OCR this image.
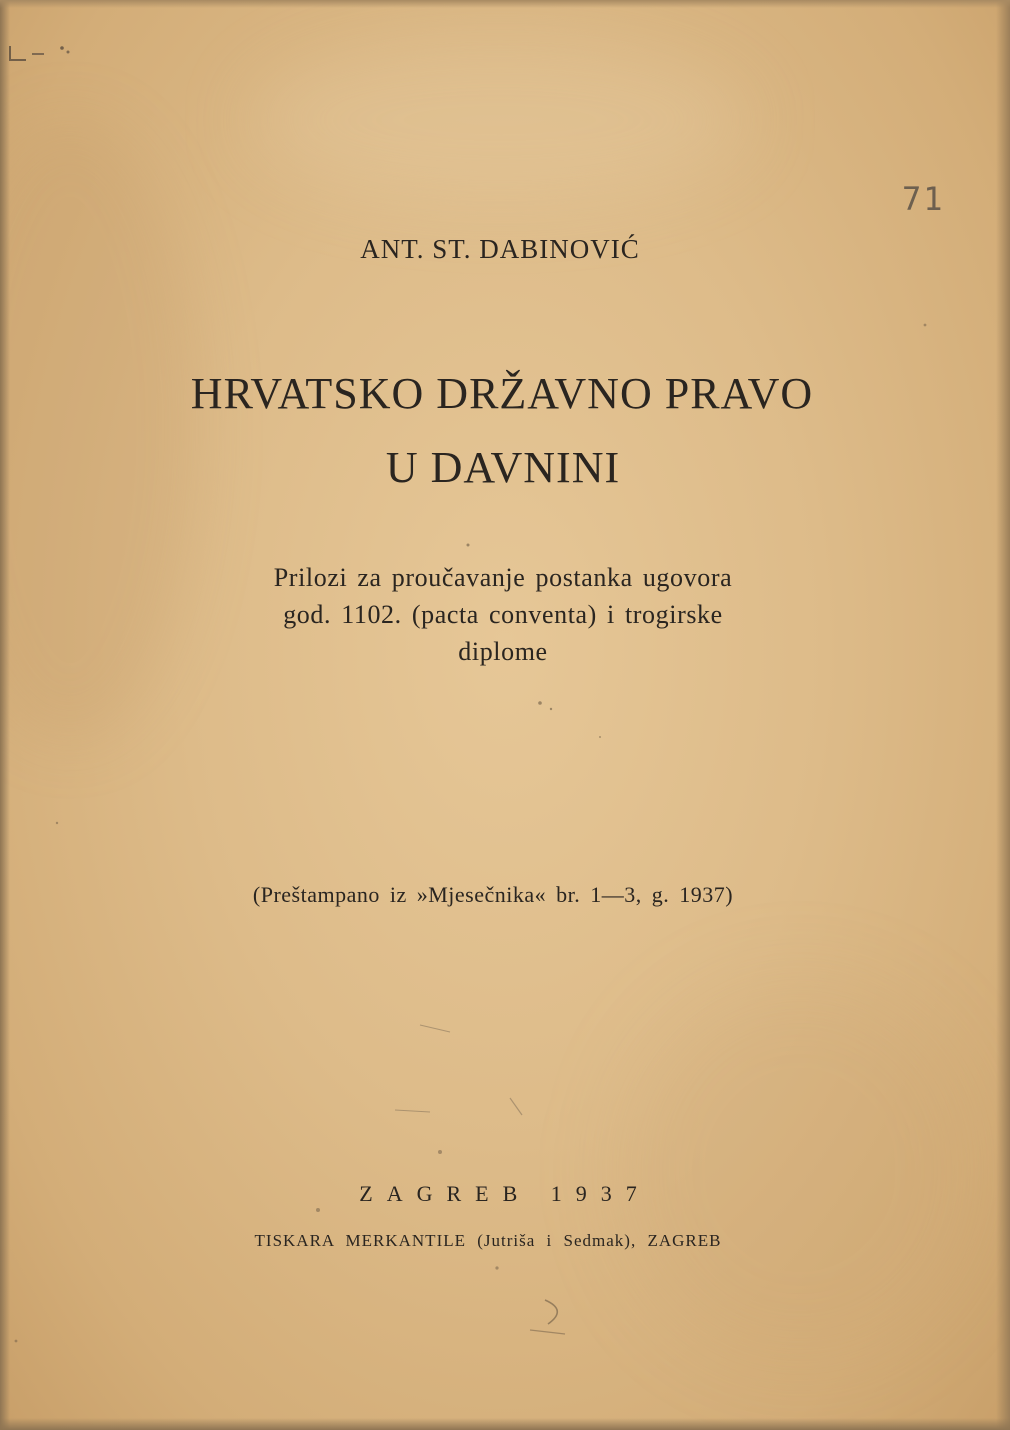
ANT. ST. DABINOVIĆ
HRVATSKO DRŽAVNO PRAVO
U DAVNINI
Prilozi za proučavanje postanka ugovora
god. 1102. (pacta conventa) i trogirske
diplome
(Preštampano iz »Mjesečnika« br. 1—3, g. 1937)
ZAGREB 1937
TISKARA MERKANTILE (Jutriša i Sedmak), ZAGREB
71
